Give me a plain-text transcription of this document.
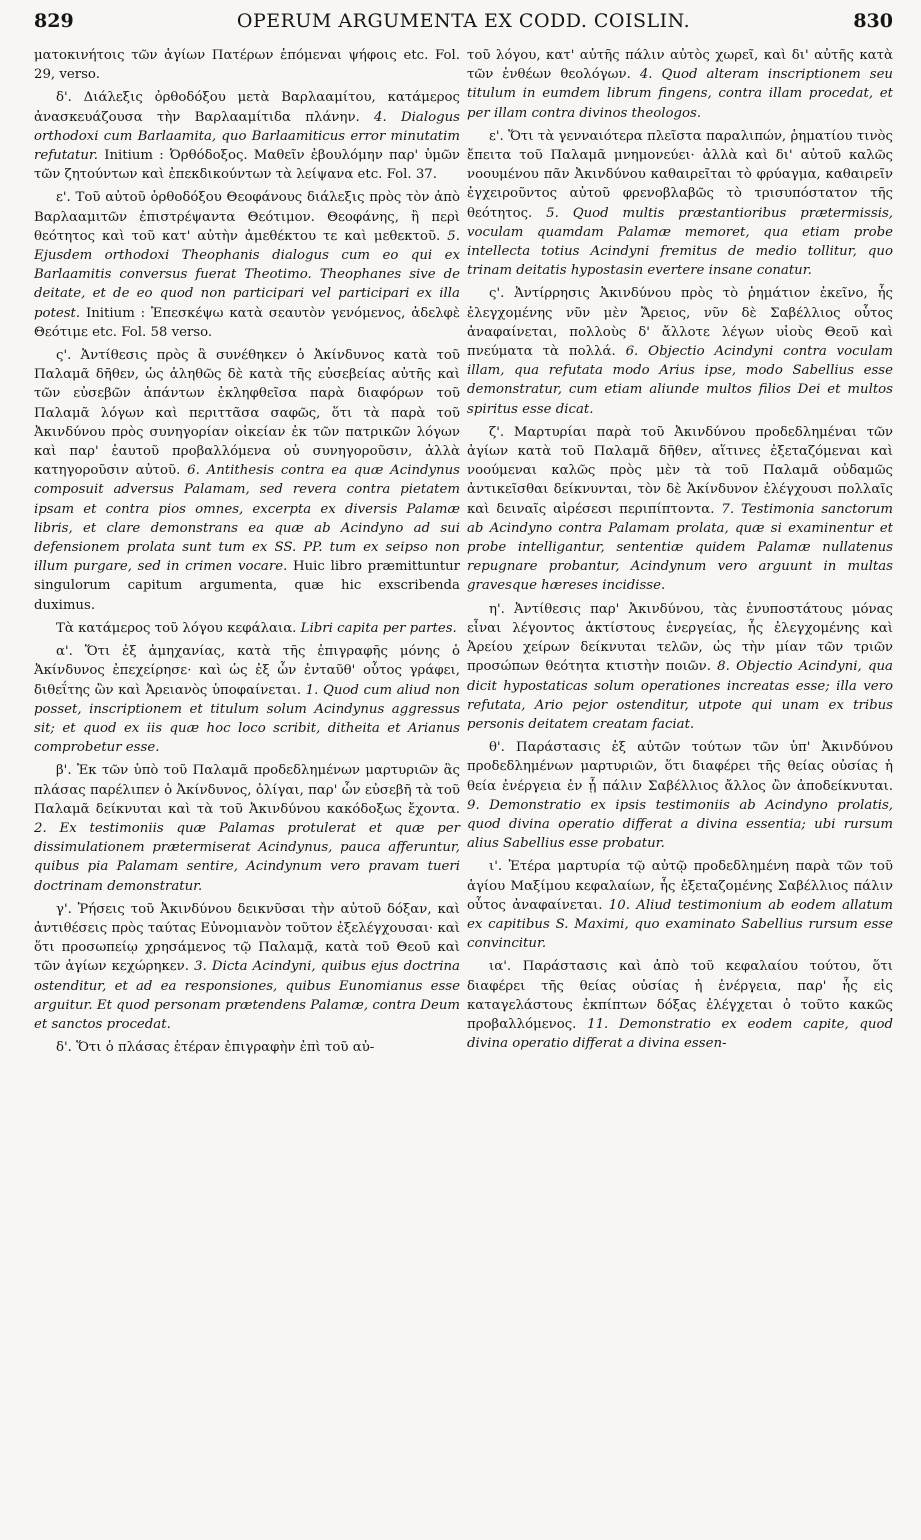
829	OPERUM ARGUMENTA EX CODD. COISLIN.	830

ματοκινήτοις τῶν ἁγίων Πατέρων ἑπόμεναι ψήφοις etc. Fol. 29, verso.

δ'. Διάλεξις ὀρθοδόξου μετὰ Βαρλααμίτου, κατάμερος ἀνασκευάζουσα τὴν Βαρλααμίτιδα πλάνην. 4. Dialogus orthodoxi cum Barlaamita, quo Barlaamiticus error minutatim refutatur. Initium : Ὀρθόδοξος. Μαθεῖν ἐβουλόμην παρ' ὑμῶν τῶν ζητούντων καὶ ἐπεκδικούντων τὰ λείψανα etc. Fol. 37.

ε'. Τοῦ αὐτοῦ ὀρθοδόξου Θεοφάνους διάλεξις πρὸς τὸν ἀπὸ Βαρλααμιτῶν ἐπιστρέψαντα Θεότιμον. Θεοφάνης, ἢ περὶ θεότητος καὶ τοῦ κατ' αὐτὴν ἀμεθέκτου τε καὶ μεθεκτοῦ. 5. Ejusdem orthodoxi Theophanis dialogus cum eo qui ex Barlaamitis conversus fuerat Theotimo. Theophanes sive de deitate, et de eo quod non participari vel participari ex illa potest. Initium : Ἐπεσκέψω κατὰ σεαυτὸν γενόμενος, ἀδελφὲ Θεότιμε etc. Fol. 58 verso.

ς'. Ἀντίθεσις πρὸς ἃ συνέθηκεν ὁ Ἀκίνδυνος κατὰ τοῦ Παλαμᾶ δῆθεν, ὡς ἀληθῶς δὲ κατὰ τῆς εὐσεβείας αὐτῆς καὶ τῶν εὐσεβῶν ἁπάντων ἐκληφθεῖσα παρὰ διαφόρων τοῦ Παλαμᾶ λόγων καὶ περιττᾶσα σαφῶς, ὅτι τὰ παρὰ τοῦ Ἀκινδύνου πρὸς συνηγορίαν οἰκείαν ἐκ τῶν πατρικῶν λόγων καὶ παρ' ἑαυτοῦ προβαλλόμενα οὐ συνηγοροῦσιν, ἀλλὰ κατηγοροῦσιν αὐτοῦ. 6. Antithesis contra ea quæ Acindynus composuit adversus Palamam, sed revera contra pietatem ipsam et contra pios omnes, excerpta ex diversis Palamæ libris, et clare demonstrans ea quæ ab Acindyno ad sui defensionem prolata sunt tum ex SS. PP. tum ex seipso non illum purgare, sed in crimen vocare. Huic libro præmittuntur singulorum capitum argumenta, quæ hic exscribenda duximus.

Τὰ κατάμερος τοῦ λόγου κεφάλαια. Libri capita per partes.

α'. Ὅτι ἐξ ἀμηχανίας, κατὰ τῆς ἐπιγραφῆς μόνης ὁ Ἀκίνδυνος ἐπεχείρησε· καὶ ὡς ἐξ ὧν ἐνταῦθ' οὗτος γράφει, διθεΐτης ὢν καὶ Ἀρειανὸς ὑποφαίνεται. 1. Quod cum aliud non posset, inscriptionem et titulum solum Acindynus aggressus sit; et quod ex iis quæ hoc loco scribit, ditheita et Arianus comprobetur esse.

β'. Ἐκ τῶν ὑπὸ τοῦ Παλαμᾶ προδεδλημένων μαρτυριῶν ἃς πλάσας παρέλιπεν ὁ Ἀκίνδυνος, ὀλίγαι, παρ' ὧν εὐσεβῆ τὰ τοῦ Παλαμᾶ δείκνυται καὶ τὰ τοῦ Ἀκινδύνου κακόδοξως ἔχοντα. 2. Ex testimoniis quæ Palamas protulerat et quæ per dissimulationem prætermiserat Acindynus, pauca afferuntur, quibus pia Palamam sentire, Acindynum vero pravam tueri doctrinam demonstratur.

γ'. Ῥήσεις τοῦ Ἀκινδύνου δεικνῦσαι τὴν αὐτοῦ δόξαν, καὶ ἀντιθέσεις πρὸς ταύτας Εὐνομιανὸν τοῦτον ἐξελέγχουσαι· καὶ ὅτι προσωπείῳ χρησάμενος τῷ Παλαμᾷ, κατὰ τοῦ Θεοῦ καὶ τῶν ἁγίων κεχώρηκεν. 3. Dicta Acindyni, quibus ejus doctrina ostenditur, et ad ea responsiones, quibus Eunomianus esse arguitur. Et quod personam prætendens Palamæ, contra Deum et sanctos procedat.

δ'. Ὅτι ὁ πλάσας ἑτέραν ἐπιγραφὴν ἐπὶ τοῦ αὐ-

τοῦ λόγου, κατ' αὐτῆς πάλιν αὐτὸς χωρεῖ, καὶ δι' αὐτῆς κατὰ τῶν ἐνθέων θεολόγων. 4. Quod alteram inscriptionem seu titulum in eumdem librum fingens, contra illam procedat, et per illam contra divinos theologos.

ε'. Ὅτι τὰ γενναιότερα πλεῖστα παραλιπών, ῥηματίου τινὸς ἔπειτα τοῦ Παλαμᾶ μνημονεύει· ἀλλὰ καὶ δι' αὐτοῦ καλῶς νοουμένου πᾶν Ἀκινδύνου καθαιρεῖται τὸ φρύαγμα, καθαιρεῖν ἐγχειροῦντος αὐτοῦ φρενοβλαβῶς τὸ τρισυπόστατον τῆς θεότητος. 5. Quod multis præstantioribus prætermissis, voculam quamdam Palamæ memoret, qua etiam probe intellecta totius Acindyni fremitus de medio tollitur, quo trinam deitatis hypostasin evertere insane conatur.

ς'. Ἀντίρρησις Ἀκινδύνου πρὸς τὸ ῥημάτιον ἐκεῖνο, ἧς ἐλεγχομένης νῦν μὲν Ἄρειος, νῦν δὲ Σαβέλλιος οὗτος ἀναφαίνεται, πολλοὺς δ' ἄλλοτε λέγων υἱοὺς Θεοῦ καὶ πνεύματα τὰ πολλά. 6. Objectio Acindyni contra voculam illam, qua refutata modo Arius ipse, modo Sabellius esse demonstratur, cum etiam aliunde multos filios Dei et multos spiritus esse dicat.

ζ'. Μαρτυρίαι παρὰ τοῦ Ἀκινδύνου προδεδλημέναι τῶν ἁγίων κατὰ τοῦ Παλαμᾶ δῆθεν, αἵτινες ἐξεταζόμεναι καὶ νοούμεναι καλῶς πρὸς μὲν τὰ τοῦ Παλαμᾶ οὐδαμῶς ἀντικεῖσθαι δείκνυνται, τὸν δὲ Ἀκίνδυνον ἐλέγχουσι πολλαῖς καὶ δειναῖς αἱρέσεσι περιπίπτοντα. 7. Testimonia sanctorum ab Acindyno contra Palamam prolata, quæ si examinentur et probe intelligantur, sententiæ quidem Palamæ nullatenus repugnare probantur, Acindynum vero arguunt in multas gravesque hæreses incidisse.

η'. Ἀντίθεσις παρ' Ἀκινδύνου, τὰς ἐνυποστάτους μόνας εἶναι λέγοντος ἀκτίστους ἐνεργείας, ἧς ἐλεγχομένης καὶ Ἀρείου χείρων δείκνυται τελῶν, ὡς τὴν μίαν τῶν τριῶν προσώπων θεότητα κτιστὴν ποιῶν. 8. Objectio Acindyni, qua dicit hypostaticas solum operationes increatas esse; illa vero refutata, Ario pejor ostenditur, utpote qui unam ex tribus personis deitatem creatam faciat.

θ'. Παράστασις ἐξ αὐτῶν τούτων τῶν ὑπ' Ἀκινδύνου προδεδλημένων μαρτυριῶν, ὅτι διαφέρει τῆς θείας οὐσίας ἡ θεία ἐνέργεια ἐν ᾗ πάλιν Σαβέλλιος ἄλλος ὢν ἀποδείκνυται. 9. Demonstratio ex ipsis testimoniis ab Acindyno prolatis, quod divina operatio differat a divina essentia; ubi rursum alius Sabellius esse probatur.

ι'. Ἑτέρα μαρτυρία τῷ αὐτῷ προδεδλημένη παρὰ τῶν τοῦ ἁγίου Μαξίμου κεφαλαίων, ἧς ἐξεταζομένης Σαβέλλιος πάλιν οὗτος ἀναφαίνεται. 10. Aliud testimonium ab eodem allatum ex capitibus S. Maximi, quo examinato Sabellius rursum esse convincitur.

ια'. Παράστασις καὶ ἀπὸ τοῦ κεφαλαίου τούτου, ὅτι διαφέρει τῆς θείας οὐσίας ἡ ἐνέργεια, παρ' ἧς εἰς καταγελάστους ἐκπίπτων δόξας ἐλέγχεται ὁ τοῦτο κακῶς προβαλλόμενος. 11. Demonstratio ex eodem capite, quod divina operatio differat a divina essen-
